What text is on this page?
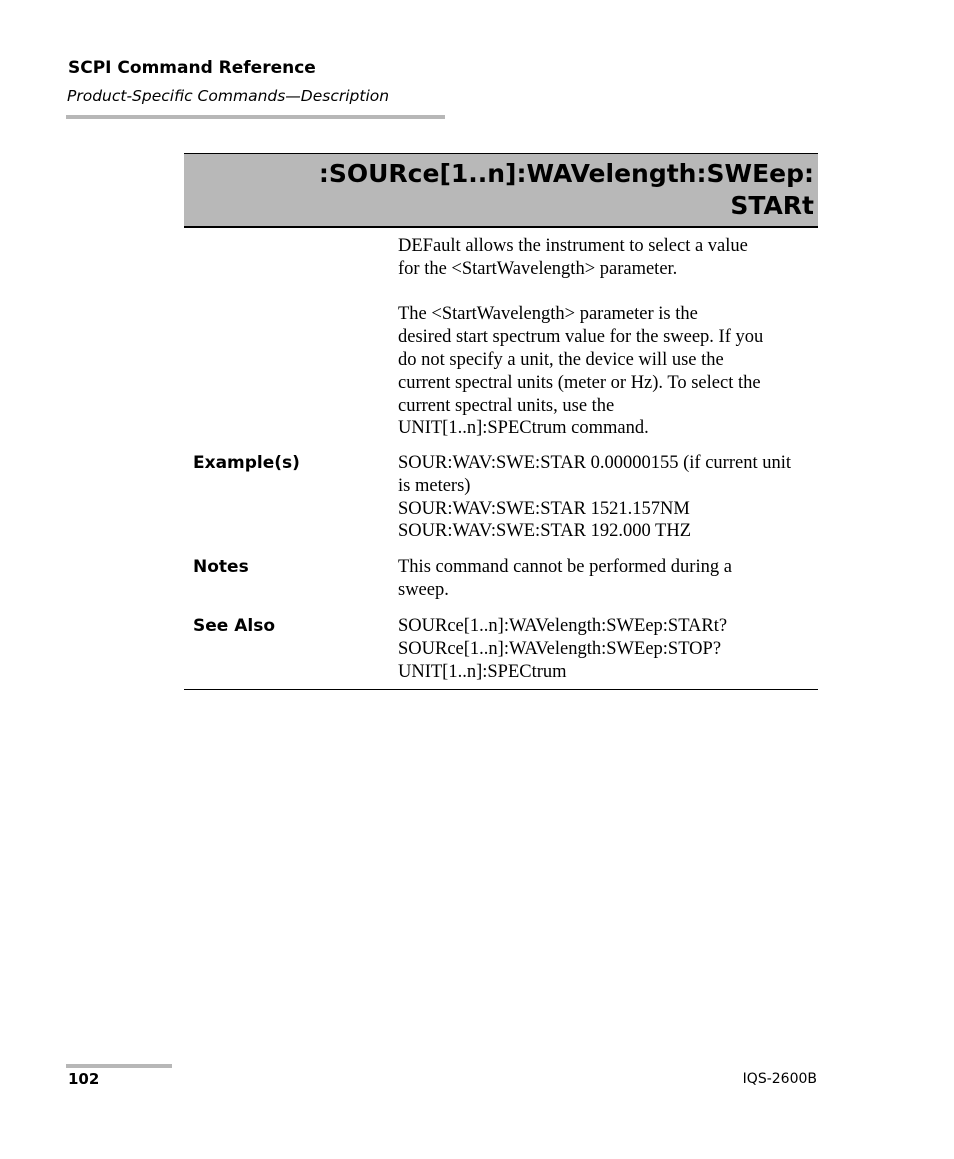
SCPI Command Reference
Product-Specific Commands—Description
:SOURce[1..n]:WAVelength:SWEep:
STARt

DEFault allows the instrument to select a value

for the <StartWavelength> parameter.

The <StartWavelength> parameter is the

desired start spectrum value for the sweep. If you

do not specify a unit, the device will use the

current spectral units (meter or Hz). To select the

current spectral units, use the

UNIT[1..n]:SPECtrum command.

Example(s)	SOUR:WAV:SWE:STAR 0.00000155 (if current unit

is meters)

SOUR:WAV:SWE:STAR 1521.157NM

SOUR:WAV:SWE:STAR 192.000 THZ

Notes	This command cannot be performed during a

sweep.

See Also	SOURce[1..n]:WAVelength:SWEep:STARt?

SOURce[1..n]:WAVelength:SWEep:STOP?

UNIT[1..n]:SPECtrum

102	IQS-2600B
